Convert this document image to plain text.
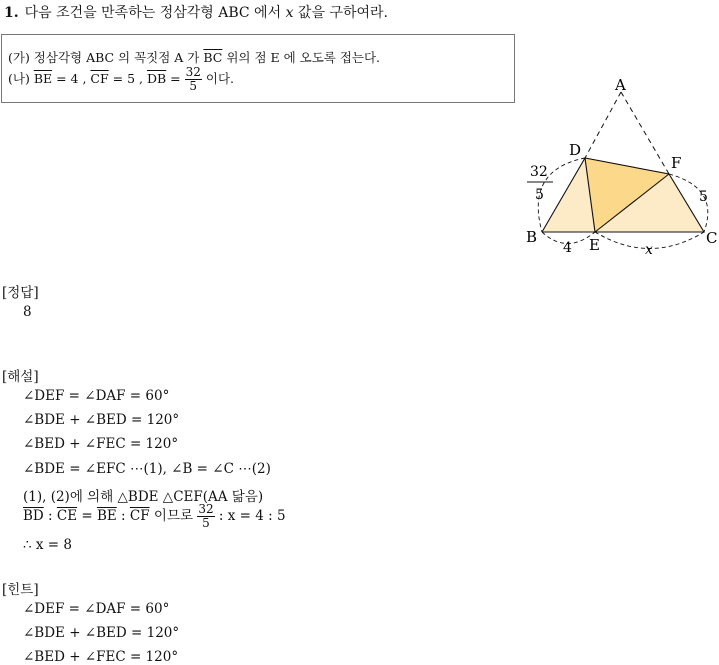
1. 다음 조건을 만족하는 정삼각형 ABC 에서 x 값을 구하여라.
(가) 정삼각형 ABC 의 꼭짓점 A 가 $\overline{BC}$ 위의 점 E 에 오도록 접는다.
(나) $\overline{BE} = 4$ , $\overline{CF} = 5$ , $\overline{DB} = \frac{32}{5}$ 이다.	A
B	C
D
E
F
32
5
4
5
x
[정답]
8
[해설]
∠DEF = ∠DAF = 60°
∠BDE + ∠BED = 120°
∠BED + ∠FEC = 120°
∠BDE = ∠EFC ⋯(1), ∠B = ∠C ⋯(2)
(1), (2)에 의해 △BDE △CEF(AA 닮음)
$\overline{BD}$ : $\overline{CE} = \overline{BE}$ : $\overline{CF}$ 이므로 $\frac{32}{5}$ : x = 4 : 5
∴ x = 8
[힌트]
∠DEF = ∠DAF = 60°
∠BDE + ∠BED = 120°
∠BED + ∠FEC = 120°
